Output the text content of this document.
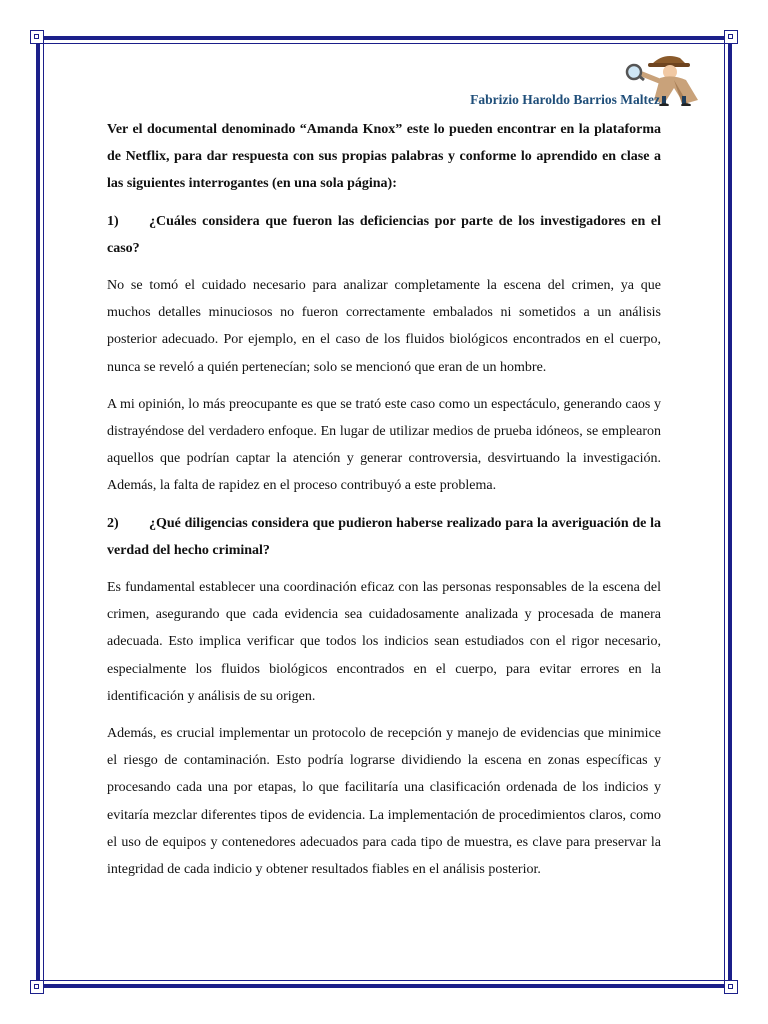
Fabrizio Haroldo Barrios Maltez

Ver el documental denominado “Amanda Knox” este lo pueden encontrar en la plataforma de Netflix, para dar respuesta con sus propias palabras y conforme lo aprendido en clase a las siguientes interrogantes (en una sola página):

1) ¿Cuáles considera que fueron las deficiencias por parte de los investigadores en el caso?

No se tomó el cuidado necesario para analizar completamente la escena del crimen, ya que muchos detalles minuciosos no fueron correctamente embalados ni sometidos a un análisis posterior adecuado. Por ejemplo, en el caso de los fluidos biológicos encontrados en el cuerpo, nunca se reveló a quién pertenecían; solo se mencionó que eran de un hombre.

A mi opinión, lo más preocupante es que se trató este caso como un espectáculo, generando caos y distrayéndose del verdadero enfoque. En lugar de utilizar medios de prueba idóneos, se emplearon aquellos que podrían captar la atención y generar controversia, desvirtuando la investigación. Además, la falta de rapidez en el proceso contribuyó a este problema.

2) ¿Qué diligencias considera que pudieron haberse realizado para la averiguación de la verdad del hecho criminal?

Es fundamental establecer una coordinación eficaz con las personas responsables de la escena del crimen, asegurando que cada evidencia sea cuidadosamente analizada y procesada de manera adecuada. Esto implica verificar que todos los indicios sean estudiados con el rigor necesario, especialmente los fluidos biológicos encontrados en el cuerpo, para evitar errores en la identificación y análisis de su origen.

Además, es crucial implementar un protocolo de recepción y manejo de evidencias que minimice el riesgo de contaminación. Esto podría lograrse dividiendo la escena en zonas específicas y procesando cada una por etapas, lo que facilitaría una clasificación ordenada de los indicios y evitaría mezclar diferentes tipos de evidencia. La implementación de procedimientos claros, como el uso de equipos y contenedores adecuados para cada tipo de muestra, es clave para preservar la integridad de cada indicio y obtener resultados fiables en el análisis posterior.
